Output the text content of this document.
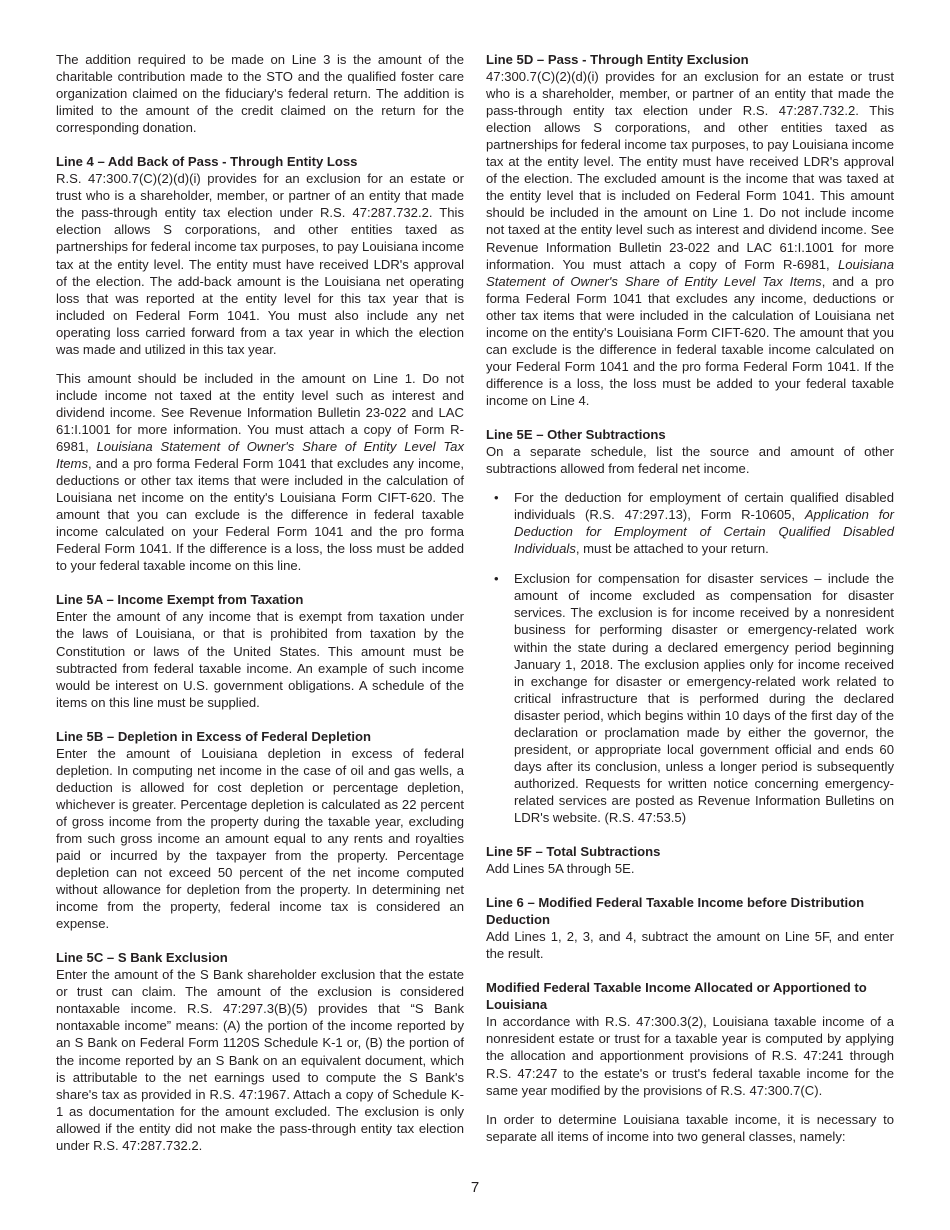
The addition required to be made on Line 3 is the amount of the charitable contribution made to the STO and the qualified foster care organization claimed on the fiduciary's federal return. The addition is limited to the amount of the credit claimed on the return for the corresponding donation.

Line 4 – Add Back of Pass - Through Entity Loss

R.S. 47:300.7(C)(2)(d)(i) provides for an exclusion for an estate or trust who is a shareholder, member, or partner of an entity that made the pass-through entity tax election under R.S. 47:287.732.2. This election allows S corporations, and other entities taxed as partnerships for federal income tax purposes, to pay Louisiana income tax at the entity level. The entity must have received LDR's approval of the election. The add-back amount is the Louisiana net operating loss that was reported at the entity level for this tax year that is included on Federal Form 1041. You must also include any net operating loss carried forward from a tax year in which the election was made and utilized in this tax year.

This amount should be included in the amount on Line 1. Do not include income not taxed at the entity level such as interest and dividend income. See Revenue Information Bulletin 23-022 and LAC 61:I.1001 for more information. You must attach a copy of Form R-6981, Louisiana Statement of Owner's Share of Entity Level Tax Items, and a pro forma Federal Form 1041 that excludes any income, deductions or other tax items that were included in the calculation of Louisiana net income on the entity's Louisiana Form CIFT-620. The amount that you can exclude is the difference in federal taxable income calculated on your Federal Form 1041 and the pro forma Federal Form 1041. If the difference is a loss, the loss must be added to your federal taxable income on this line.

Line 5A – Income Exempt from Taxation

Enter the amount of any income that is exempt from taxation under the laws of Louisiana, or that is prohibited from taxation by the Constitution or laws of the United States. This amount must be subtracted from federal taxable income. An example of such income would be interest on U.S. government obligations. A schedule of the items on this line must be supplied.

Line 5B – Depletion in Excess of Federal Depletion

Enter the amount of Louisiana depletion in excess of federal depletion. In computing net income in the case of oil and gas wells, a deduction is allowed for cost depletion or percentage depletion, whichever is greater. Percentage depletion is calculated as 22 percent of gross income from the property during the taxable year, excluding from such gross income an amount equal to any rents and royalties paid or incurred by the taxpayer from the property. Percentage depletion can not exceed 50 percent of the net income computed without allowance for depletion from the property. In determining net income from the property, federal income tax is considered an expense.

Line 5C – S Bank Exclusion

Enter the amount of the S Bank shareholder exclusion that the estate or trust can claim. The amount of the exclusion is considered nontaxable income. R.S. 47:297.3(B)(5) provides that “S Bank nontaxable income” means: (A) the portion of the income reported by an S Bank on Federal Form 1120S Schedule K-1 or, (B) the portion of the income reported by an S Bank on an equivalent document, which is attributable to the net earnings used to compute the S Bank's share's tax as provided in R.S. 47:1967. Attach a copy of Schedule K-1 as documentation for the amount excluded. The exclusion is only allowed if the entity did not make the pass-through entity tax election under R.S. 47:287.732.2.

Line 5D – Pass - Through Entity Exclusion

47:300.7(C)(2)(d)(i) provides for an exclusion for an estate or trust who is a shareholder, member, or partner of an entity that made the pass-through entity tax election under R.S. 47:287.732.2. This election allows S corporations, and other entities taxed as partnerships for federal income tax purposes, to pay Louisiana income tax at the entity level. The entity must have received LDR's approval of the election. The excluded amount is the income that was taxed at the entity level that is included on Federal Form 1041. This amount should be included in the amount on Line 1. Do not include income not taxed at the entity level such as interest and dividend income. See Revenue Information Bulletin 23-022 and LAC 61:I.1001 for more information. You must attach a copy of Form R-6981, Louisiana Statement of Owner's Share of Entity Level Tax Items, and a pro forma Federal Form 1041 that excludes any income, deductions or other tax items that were included in the calculation of Louisiana net income on the entity's Louisiana Form CIFT-620. The amount that you can exclude is the difference in federal taxable income calculated on your Federal Form 1041 and the pro forma Federal Form 1041. If the difference is a loss, the loss must be added to your federal taxable income on Line 4.

Line 5E – Other Subtractions

On a separate schedule, list the source and amount of other subtractions allowed from federal net income.

• For the deduction for employment of certain qualified disabled individuals (R.S. 47:297.13), Form R-10605, Application for Deduction for Employment of Certain Qualified Disabled Individuals, must be attached to your return.
• Exclusion for compensation for disaster services – include the amount of income excluded as compensation for disaster services. The exclusion is for income received by a nonresident business for performing disaster or emergency-related work within the state during a declared emergency period beginning January 1, 2018. The exclusion applies only for income received in exchange for disaster or emergency-related work related to critical infrastructure that is performed during the declared disaster period, which begins within 10 days of the first day of the declaration or proclamation made by either the governor, the president, or appropriate local government official and ends 60 days after its conclusion, unless a longer period is subsequently authorized. Requests for written notice concerning emergency-related services are posted as Revenue Information Bulletins on LDR's website. (R.S. 47:53.5)

Line 5F – Total Subtractions

Add Lines 5A through 5E.

Line 6 – Modified Federal Taxable Income before Distribution Deduction

Add Lines 1, 2, 3, and 4, subtract the amount on Line 5F, and enter the result.

Modified Federal Taxable Income Allocated or Apportioned to Louisiana

In accordance with R.S. 47:300.3(2), Louisiana taxable income of a nonresident estate or trust for a taxable year is computed by applying the allocation and apportionment provisions of R.S. 47:241 through R.S. 47:247 to the estate's or trust's federal taxable income for the same year modified by the provisions of R.S. 47:300.7(C).

In order to determine Louisiana taxable income, it is necessary to separate all items of income into two general classes, namely:

7
